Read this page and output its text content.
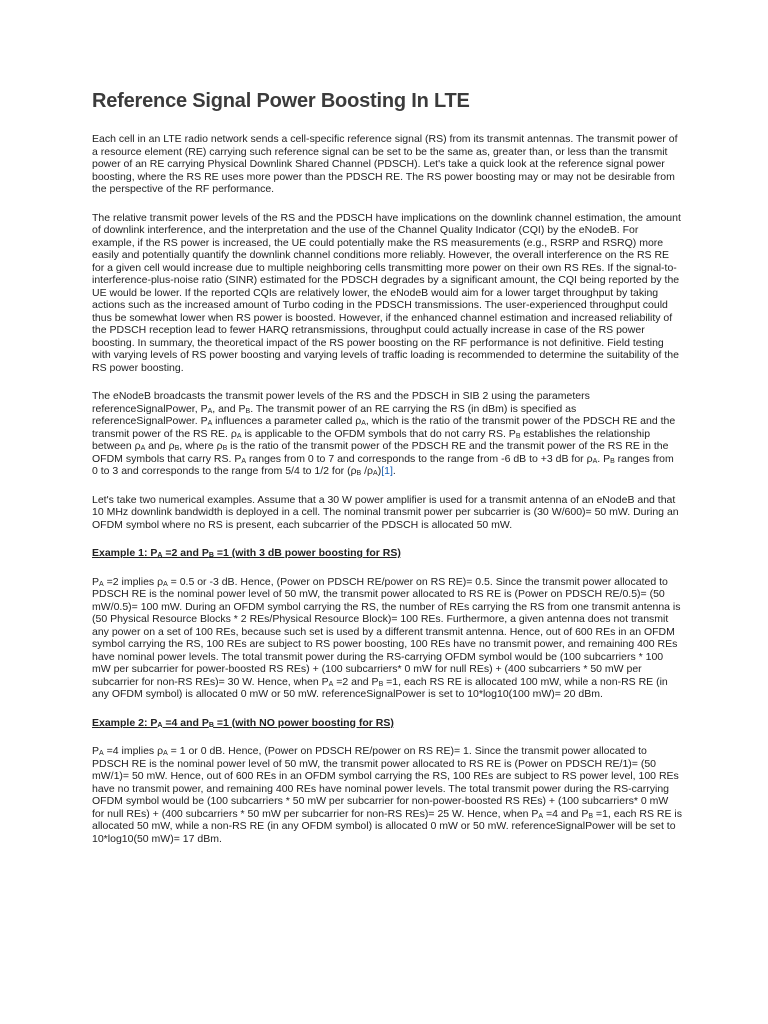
Reference Signal Power Boosting In LTE

Each cell in an LTE radio network sends a cell-specific reference signal (RS) from its transmit antennas. The transmit power of a resource element (RE) carrying such reference signal can be set to be the same as, greater than, or less than the transmit power of an RE carrying Physical Downlink Shared Channel (PDSCH). Let's take a quick look at the reference signal power boosting, where the RS RE uses more power than the PDSCH RE. The RS power boosting may or may not be desirable from the perspective of the RF performance.

The relative transmit power levels of the RS and the PDSCH have implications on the downlink channel estimation, the amount of downlink interference, and the interpretation and the use of the Channel Quality Indicator (CQI) by the eNodeB. For example, if the RS power is increased, the UE could potentially make the RS measurements (e.g., RSRP and RSRQ) more easily and potentially quantify the downlink channel conditions more reliably. However, the overall interference on the RS RE for a given cell would increase due to multiple neighboring cells transmitting more power on their own RS REs. If the signal-to-interference-plus-noise ratio (SINR) estimated for the PDSCH degrades by a significant amount, the CQI being reported by the UE would be lower. If the reported CQIs are relatively lower, the eNodeB would aim for a lower target throughput by taking actions such as the increased amount of Turbo coding in the PDSCH transmissions. The user-experienced throughput could thus be somewhat lower when RS power is boosted. However, if the enhanced channel estimation and increased reliability of the PDSCH reception lead to fewer HARQ retransmissions, throughput could actually increase in case of the RS power boosting. In summary, the theoretical impact of the RS power boosting on the RF performance is not definitive. Field testing with varying levels of RS power boosting and varying levels of traffic loading is recommended to determine the suitability of the RS power boosting.

The eNodeB broadcasts the transmit power levels of the RS and the PDSCH in SIB 2 using the parameters referenceSignalPower, $P_A$, and $P_B$. The transmit power of an RE carrying the RS (in dBm) is specified as referenceSignalPower. $P_A$ influences a parameter called $\rho_A$, which is the ratio of the transmit power of the PDSCH RE and the transmit power of the RS RE. $\rho_A$ is applicable to the OFDM symbols that do not carry RS. $P_B$ establishes the relationship between $\rho_A$ and $\rho_B$, where $\rho_B$ is the ratio of the transmit power of the PDSCH RE and the transmit power of the RS RE in the OFDM symbols that carry RS. $P_A$ ranges from 0 to 7 and corresponds to the range from -6 dB to +3 dB for $\rho_A$. $P_B$ ranges from 0 to 3 and corresponds to the range from 5/4 to 1/2 for ($\rho_B$ $/\rho_A)[1]$.

Let's take two numerical examples. Assume that a 30 W power amplifier is used for a transmit antenna of an eNodeB and that 10 MHz downlink bandwidth is deployed in a cell. The nominal transmit power per subcarrier is (30 W/600)= 50 mW. During an OFDM symbol where no RS is present, each subcarrier of the PDSCH is allocated 50 mW.

Example 1: $P_A =2$ and $P_B =1$ (with 3 dB power boosting for RS)

$P_A =2$ implies $\rho_A = 0.5$ or -3 dB. Hence, (Power on PDSCH RE/power on RS RE)= 0.5. Since the transmit power allocated to PDSCH RE is the nominal power level of 50 mW, the transmit power allocated to RS RE is (Power on PDSCH RE/0.5)= (50 mW/0.5)= 100 mW. During an OFDM symbol carrying the RS, the number of REs carrying the RS from one transmit antenna is (50 Physical Resource Blocks * 2 REs/Physical Resource Block)= 100 REs. Furthermore, a given antenna does not transmit any power on a set of 100 REs, because such set is used by a different transmit antenna. Hence, out of 600 REs in an OFDM symbol carrying the RS, 100 REs are subject to RS power boosting, 100 REs have no transmit power, and remaining 400 REs have nominal power levels. The total transmit power during the RS-carrying OFDM symbol would be (100 subcarriers * 100 mW per subcarrier for power-boosted RS REs) + (100 subcarriers* 0 mW for null REs) + (400 subcarriers * 50 mW per subcarrier for non-RS REs)= 30 W. Hence, when $P_A =2$ and $P_B =1$, each RS RE is allocated 100 mW, while a non-RS RE (in any OFDM symbol) is allocated 0 mW or 50 mW. referenceSignalPower is set to 10*log10(100 mW)= 20 dBm.

Example 2: $P_A =4$ and $P_B =1$ (with NO power boosting for RS)

$P_A =4$ implies $\rho_A = 1$ or 0 dB. Hence, (Power on PDSCH RE/power on RS RE)= 1. Since the transmit power allocated to PDSCH RE is the nominal power level of 50 mW, the transmit power allocated to RS RE is (Power on PDSCH RE/1)= (50 mW/1)= 50 mW. Hence, out of 600 REs in an OFDM symbol carrying the RS, 100 REs are subject to RS power level, 100 REs have no transmit power, and remaining 400 REs have nominal power levels. The total transmit power during the RS-carrying OFDM symbol would be (100 subcarriers * 50 mW per subcarrier for non-power-boosted RS REs) + (100 subcarriers* 0 mW for null REs) + (400 subcarriers * 50 mW per subcarrier for non-RS REs)= 25 W. Hence, when $P_A =4$ and $P_B =1$, each RS RE is allocated 50 mW, while a non-RS RE (in any OFDM symbol) is allocated 0 mW or 50 mW. referenceSignalPower will be set to 10*log10(50 mW)= 17 dBm.
